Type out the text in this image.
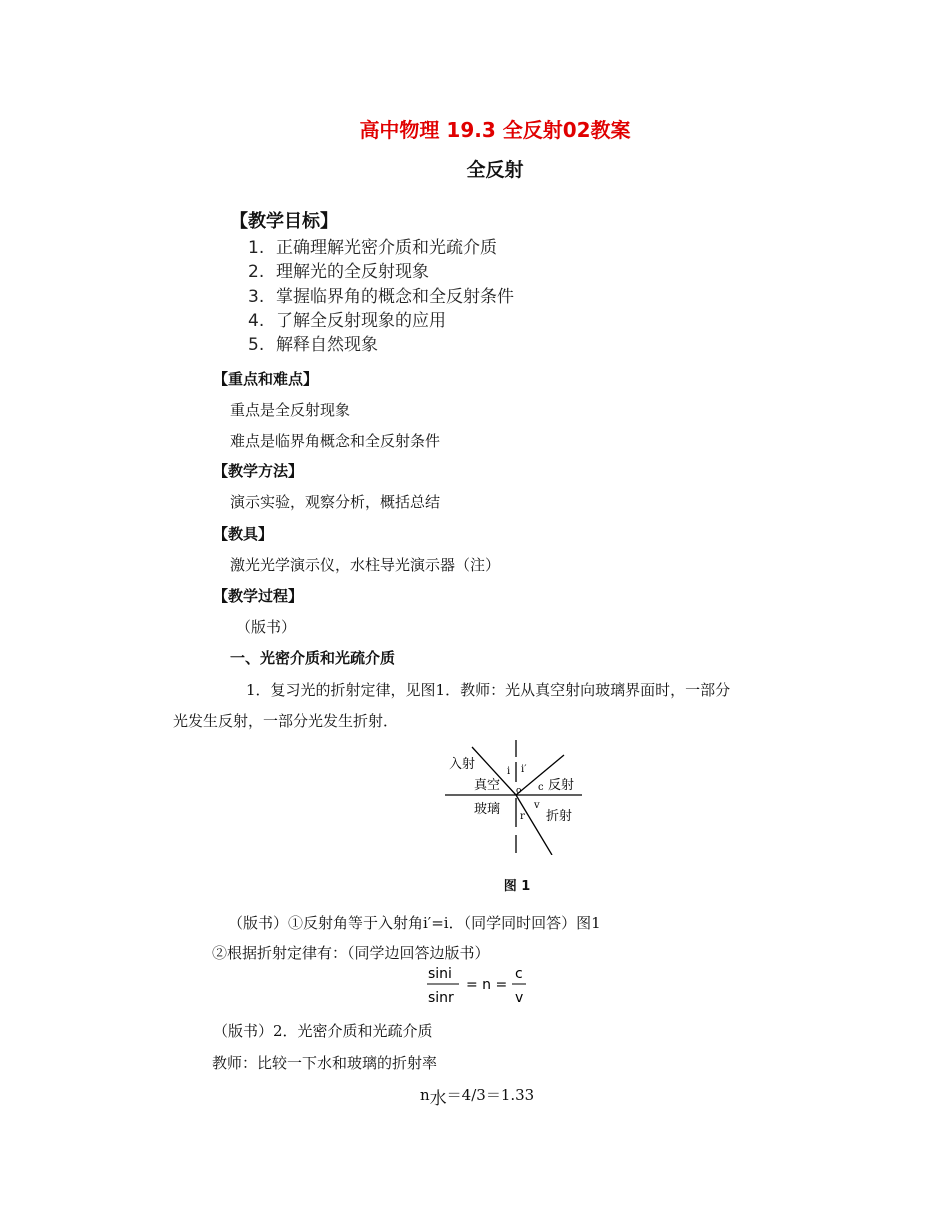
高中物理 19.3 全反射02教案
全反射
【教学目标】
1. 正确理解光密介质和光疏介质
2. 理解光的全反射现象
3. 掌握临界角的概念和全反射条件
4. 了解全反射现象的应用
5. 解释自然现象
【重点和难点】
重点是全反射现象
难点是临界角概念和全反射条件
【教学方法】
演示实验，观察分析，概括总结
【教具】
激光光学演示仪，水柱导光演示器（注）
【教学过程】
（版书）
一、光密介质和光疏介质
1．复习光的折射定律，见图1．教师：光从真空射向玻璃界面时，一部分
光发生反射，一部分光发生折射．
入射
真空
玻璃
反射
折射
i i′
c
v
r
o
图 1
（版书）①反射角等于入射角i′=i．（同学同时回答）图1
②根据折射定律有：（同学边回答边版书）
sini
sinr
= n =
c
v
（版书）2．光密介质和光疏介质
教师：比较一下水和玻璃的折射率
n水＝4/3＝1.33
